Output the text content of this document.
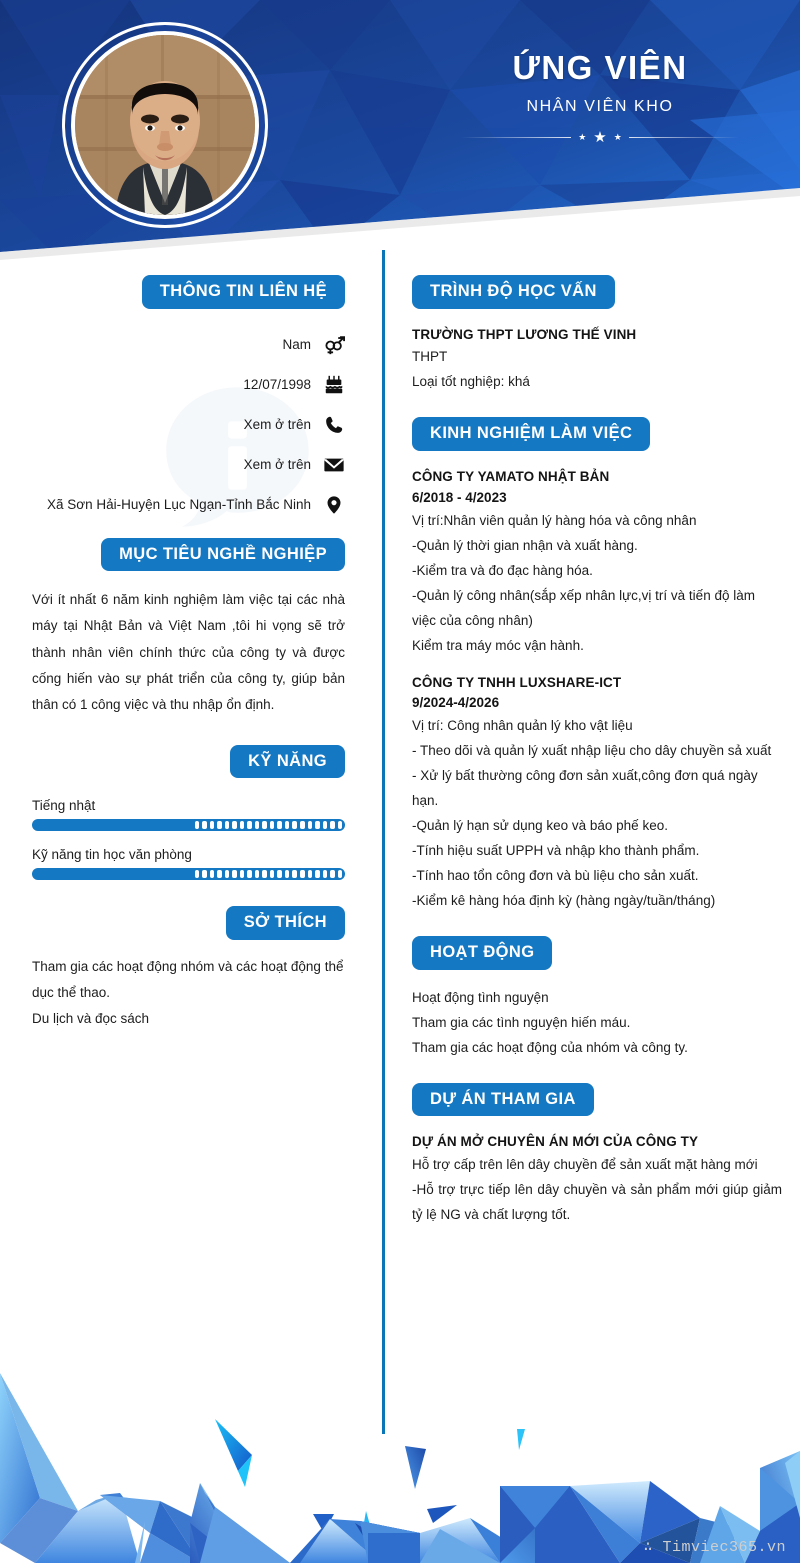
ỨNG VIÊN
NHÂN VIÊN KHO
★ ★ ★
THÔNG TIN LIÊN HỆ
Nam
12/07/1998
Xem ở trên
Xem ở trên
Xã Sơn Hải-Huyện Lục Ngạn-Tỉnh Bắc Ninh
MỤC TIÊU NGHỀ NGHIỆP
Với ít nhất 6 năm kinh nghiệm làm việc tại các nhà máy tại Nhật Bản và Việt Nam ,tôi hi vọng sẽ trở thành nhân viên chính thức của công ty và được cống hiến vào sự phát triển của công ty, giúp bản thân có 1 công việc và thu nhập ổn định.
KỸ NĂNG
Tiếng nhật
Kỹ năng tin học văn phòng
SỞ THÍCH
Tham gia các hoạt động nhóm và các hoạt động thể dục thể thao.
Du lịch và đọc sách
TRÌNH ĐỘ HỌC VẤN
TRƯỜNG THPT LƯƠNG THẾ VINH
THPT
Loại tốt nghiệp: khá
KINH NGHIỆM LÀM VIỆC
CÔNG TY YAMATO NHẬT BẢN
6/2018 - 4/2023
Vị trí:Nhân viên quản lý hàng hóa và công nhân
-Quản lý thời gian nhận và xuất hàng.
-Kiểm tra và đo đạc hàng hóa.
-Quản lý công nhân(sắp xếp nhân lực,vị trí và tiến độ làm việc của công nhân)
Kiểm tra máy móc vận hành.
CÔNG TY TNHH LUXSHARE-ICT
9/2024-4/2026
Vị trí: Công nhân quản lý kho vật liệu
- Theo dõi và quản lý xuất nhập liệu cho dây chuyền sả xuất
- Xử lý bất thường công đơn sản xuất,công đơn quá ngày hạn.
-Quản lý hạn sử dụng keo và báo phế keo.
-Tính hiệu suất UPPH và nhập kho thành phẩm.
-Tính hao tổn công đơn và bù liệu cho sản xuất.
-Kiểm kê hàng hóa định kỳ (hàng ngày/tuần/tháng)
HOẠT ĐỘNG
Hoạt động tình nguyện
Tham gia các tình nguyện hiến máu.
Tham gia các hoạt động của nhóm và công ty.
DỰ ÁN THAM GIA
DỰ ÁN MỞ CHUYÊN ÁN MỚI CỦA CÔNG TY
Hỗ trợ cấp trên lên dây chuyền để sản xuất mặt hàng mới
-Hỗ trợ trực tiếp lên dây chuyền và sản phẩm mới giúp giảm tỷ lệ NG và chất lượng tốt.
∴ Timviec365.vn
